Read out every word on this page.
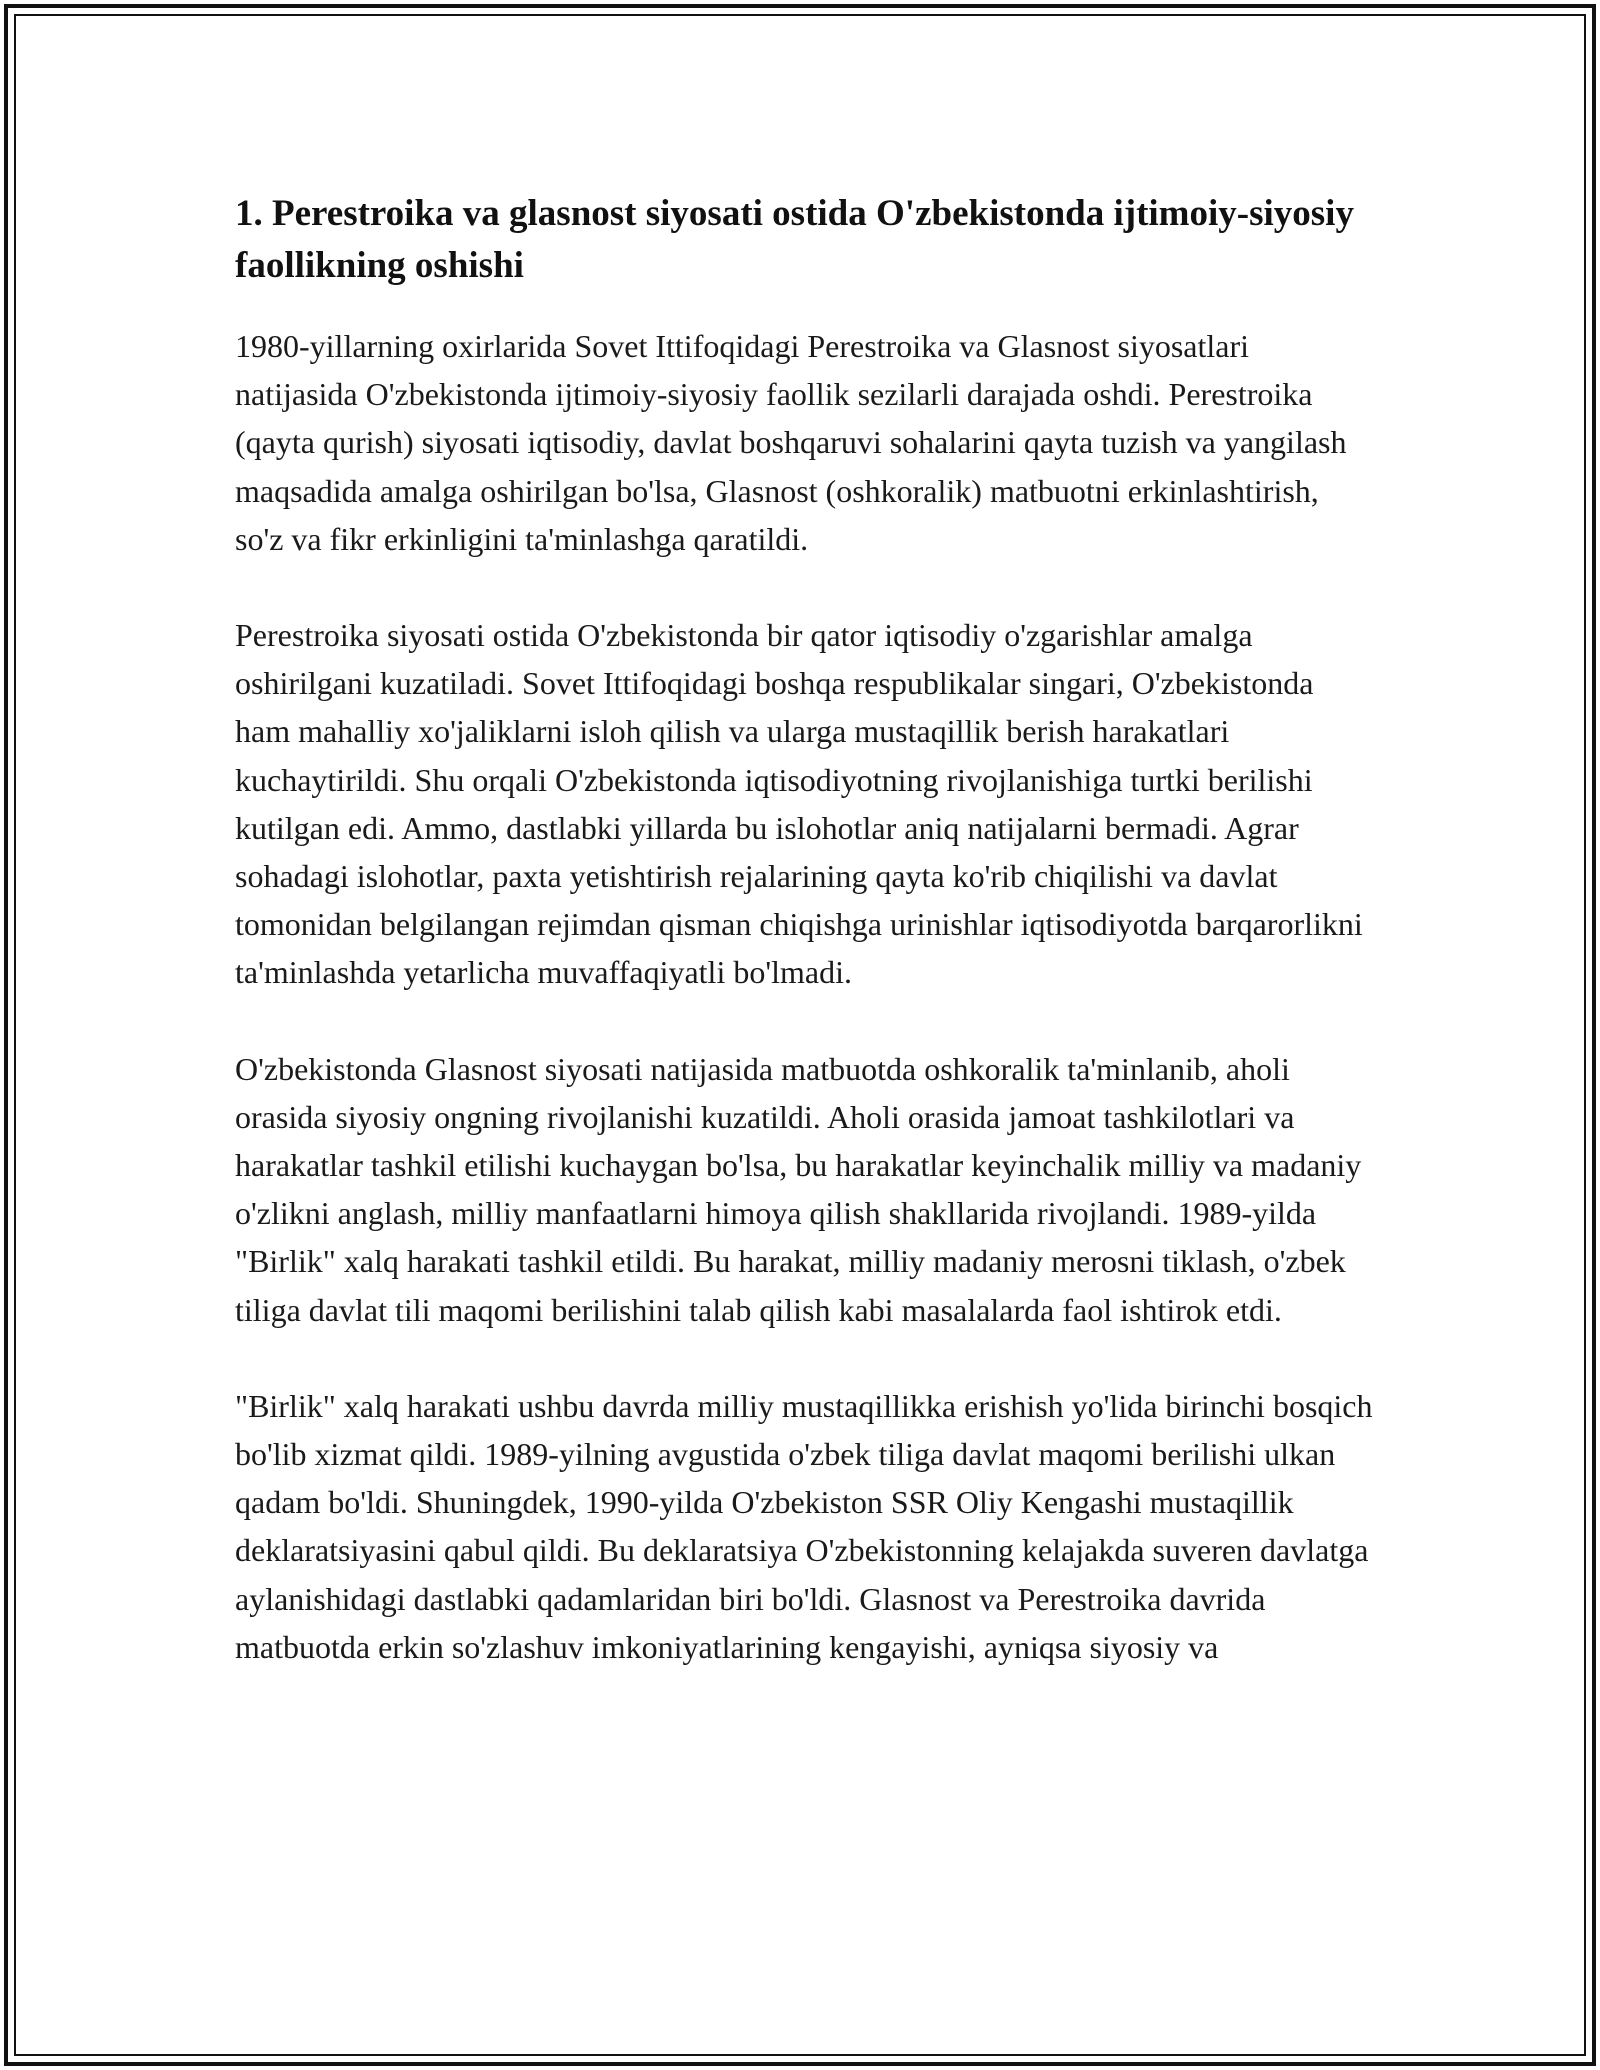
1. Perestroika va glasnost siyosati ostida O'zbekistonda ijtimoiy-siyosiy faollikning oshishi

1980-yillarning oxirlarida Sovet Ittifoqidagi Perestroika va Glasnost siyosatlari natijasida O'zbekistonda ijtimoiy-siyosiy faollik sezilarli darajada oshdi. Perestroika (qayta qurish) siyosati iqtisodiy, davlat boshqaruvi sohalarini qayta tuzish va yangilash maqsadida amalga oshirilgan bo'lsa, Glasnost (oshkoralik) matbuotni erkinlashtirish, so'z va fikr erkinligini ta'minlashga qaratildi.

Perestroika siyosati ostida O'zbekistonda bir qator iqtisodiy o'zgarishlar amalga oshirilgani kuzatiladi. Sovet Ittifoqidagi boshqa respublikalar singari, O'zbekistonda ham mahalliy xo'jaliklarni isloh qilish va ularga mustaqillik berish harakatlari kuchaytirildi. Shu orqali O'zbekistonda iqtisodiyotning rivojlanishiga turtki berilishi kutilgan edi. Ammo, dastlabki yillarda bu islohotlar aniq natijalarni bermadi. Agrar sohadagi islohotlar, paxta yetishtirish rejalarining qayta ko'rib chiqilishi va davlat tomonidan belgilangan rejimdan qisman chiqishga urinishlar iqtisodiyotda barqarorlikni ta'minlashda yetarlicha muvaffaqiyatli bo'lmadi.

O'zbekistonda Glasnost siyosati natijasida matbuotda oshkoralik ta'minlanib, aholi orasida siyosiy ongning rivojlanishi kuzatildi. Aholi orasida jamoat tashkilotlari va harakatlar tashkil etilishi kuchaygan bo'lsa, bu harakatlar keyinchalik milliy va madaniy o'zlikni anglash, milliy manfaatlarni himoya qilish shakllarida rivojlandi. 1989-yilda "Birlik" xalq harakati tashkil etildi. Bu harakat, milliy madaniy merosni tiklash, o'zbek tiliga davlat tili maqomi berilishini talab qilish kabi masalalarda faol ishtirok etdi.

"Birlik" xalq harakati ushbu davrda milliy mustaqillikka erishish yo'lida birinchi bosqich bo'lib xizmat qildi. 1989-yilning avgustida o'zbek tiliga davlat maqomi berilishi ulkan qadam bo'ldi. Shuningdek, 1990-yilda O'zbekiston SSR Oliy Kengashi mustaqillik deklaratsiyasini qabul qildi. Bu deklaratsiya O'zbekistonning kelajakda suveren davlatga aylanishidagi dastlabki qadamlaridan biri bo'ldi. Glasnost va Perestroika davrida matbuotda erkin so'zlashuv imkoniyatlarining kengayishi, ayniqsa siyosiy va
